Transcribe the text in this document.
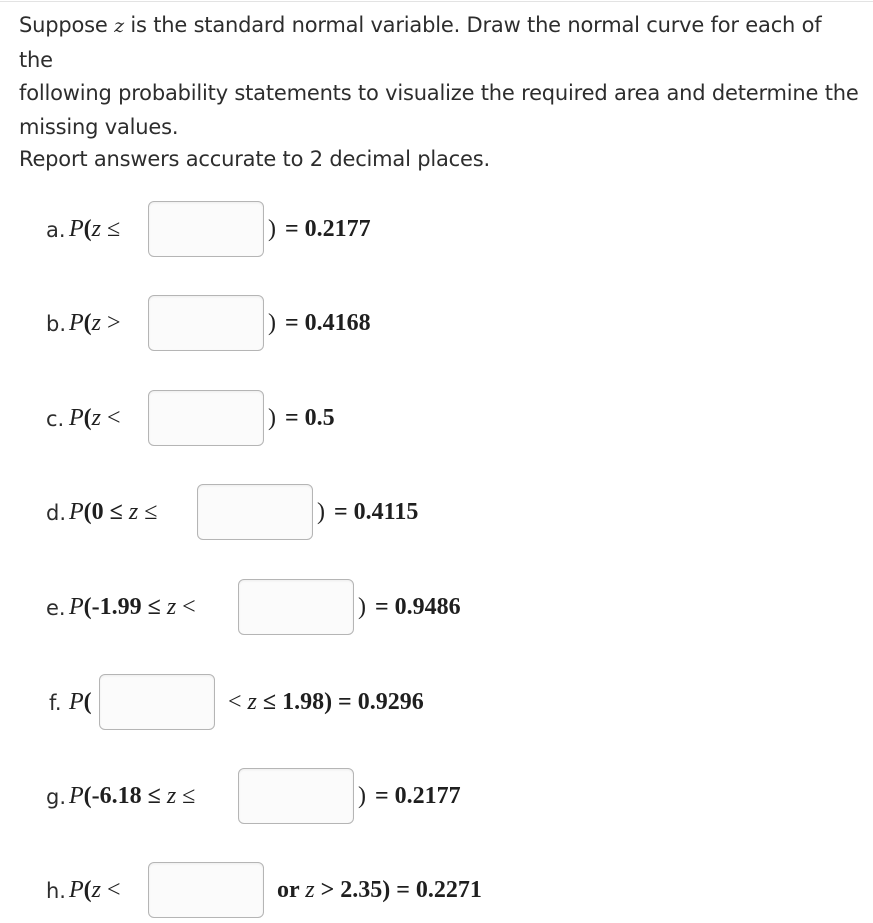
Suppose z is the standard normal variable. Draw the normal curve for each of the
following probability statements to visualize the required area and determine the
missing values.
Report answers accurate to 2 decimal places.
a. P(z ≤	) = 0.2177
b. P(z >	) = 0.4168
c. P(z <	) = 0.5
d. P(0 ≤ z ≤	) = 0.4115
e. P(-1.99 ≤ z <	) = 0.9486
f. P(	< z ≤ 1.98) = 0.9296
g. P(-6.18 ≤ z ≤	) = 0.2177
h. P(z <	or z > 2.35) = 0.2271
